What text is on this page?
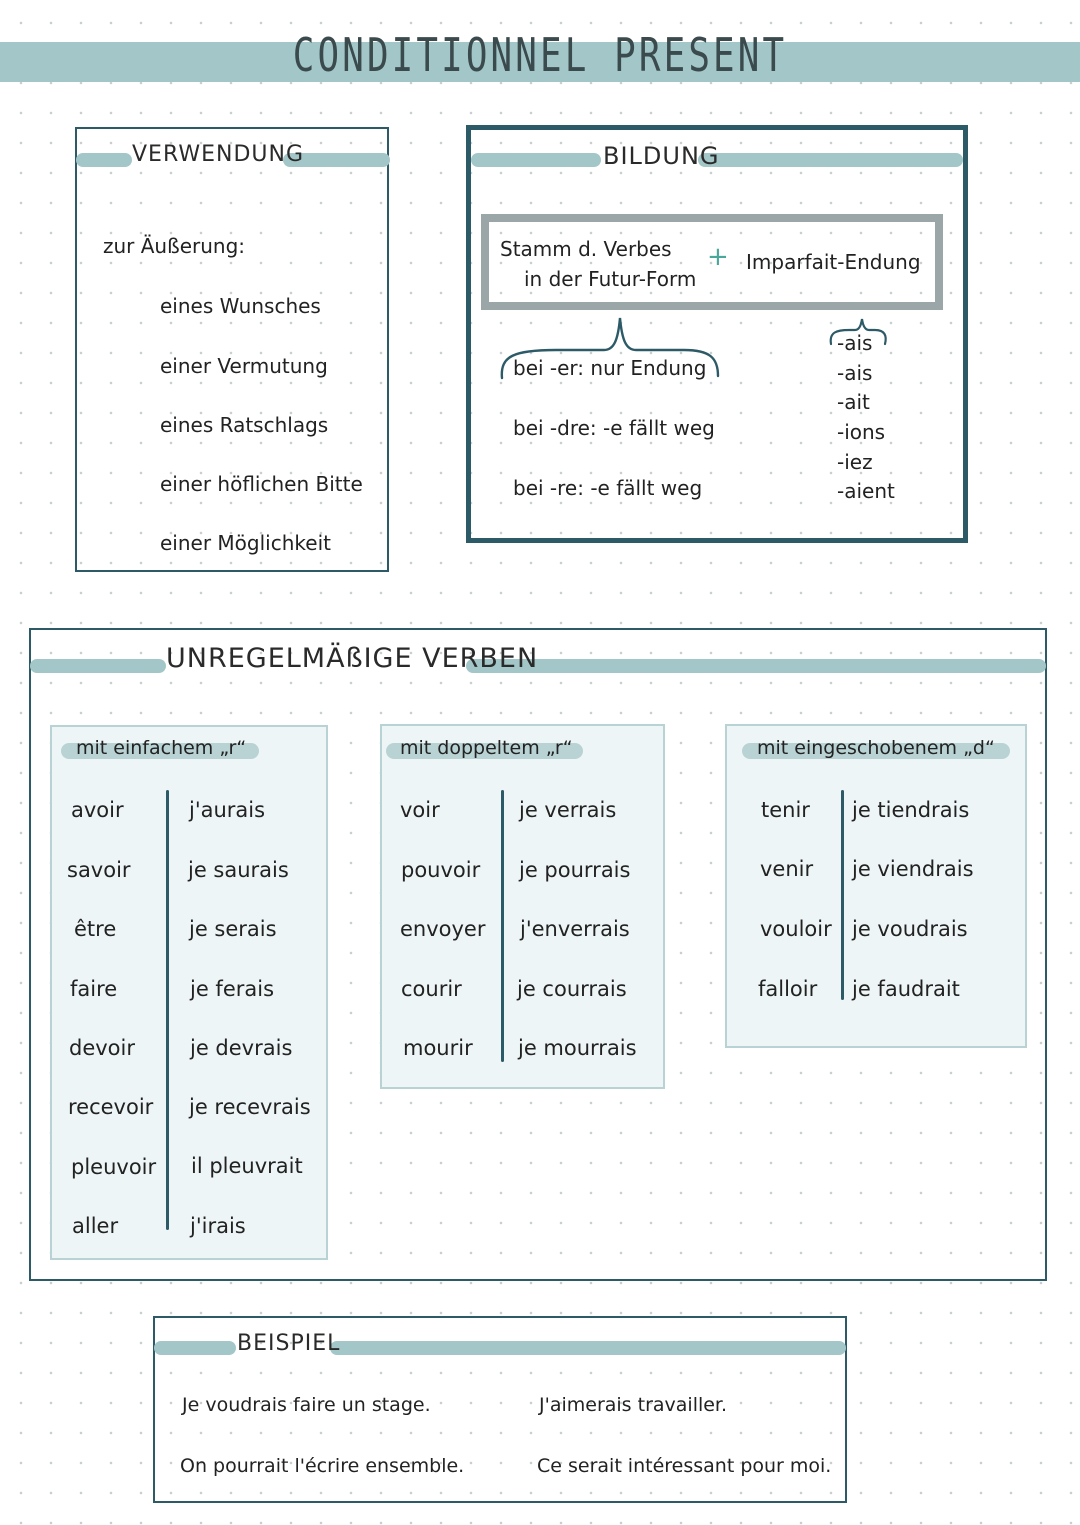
CONDITIONNEL PRESENT
VERWENDUNG
zur Äußerung:
eines Wunsches
einer Vermutung
eines Ratschlags
einer höflichen Bitte
einer Möglichkeit
BILDUNG
Stamm d. Verbes
in der Futur-Form
+ Imparfait-Endung
bei -er: nur Endung
bei -dre: -e fällt weg
bei -re: -e fällt weg
-ais
-ais
-ait
-ions
-iez
-aient
UNREGELMÄßIGE VERBEN
mit einfachem „r“
avoir	j'aurais
savoir	je saurais
être	je serais
faire	je ferais
devoir	je devrais
recevoir je recevrais
pleuvoir il pleuvrait
aller	j'irais
mit doppeltem „r“
voir	je verrais
pouvoir je pourrais
envoyer j'enverrais
courir	je courrais
mourir je mourrais
mit eingeschobenem „d“
tenir je tiendrais
venir je viendrais
vouloir je voudrais
falloir je faudrait
BEISPIEL
Je voudrais faire un stage.	J'aimerais travailler.
On pourrait l'écrire ensemble.	Ce serait intéressant pour moi.
